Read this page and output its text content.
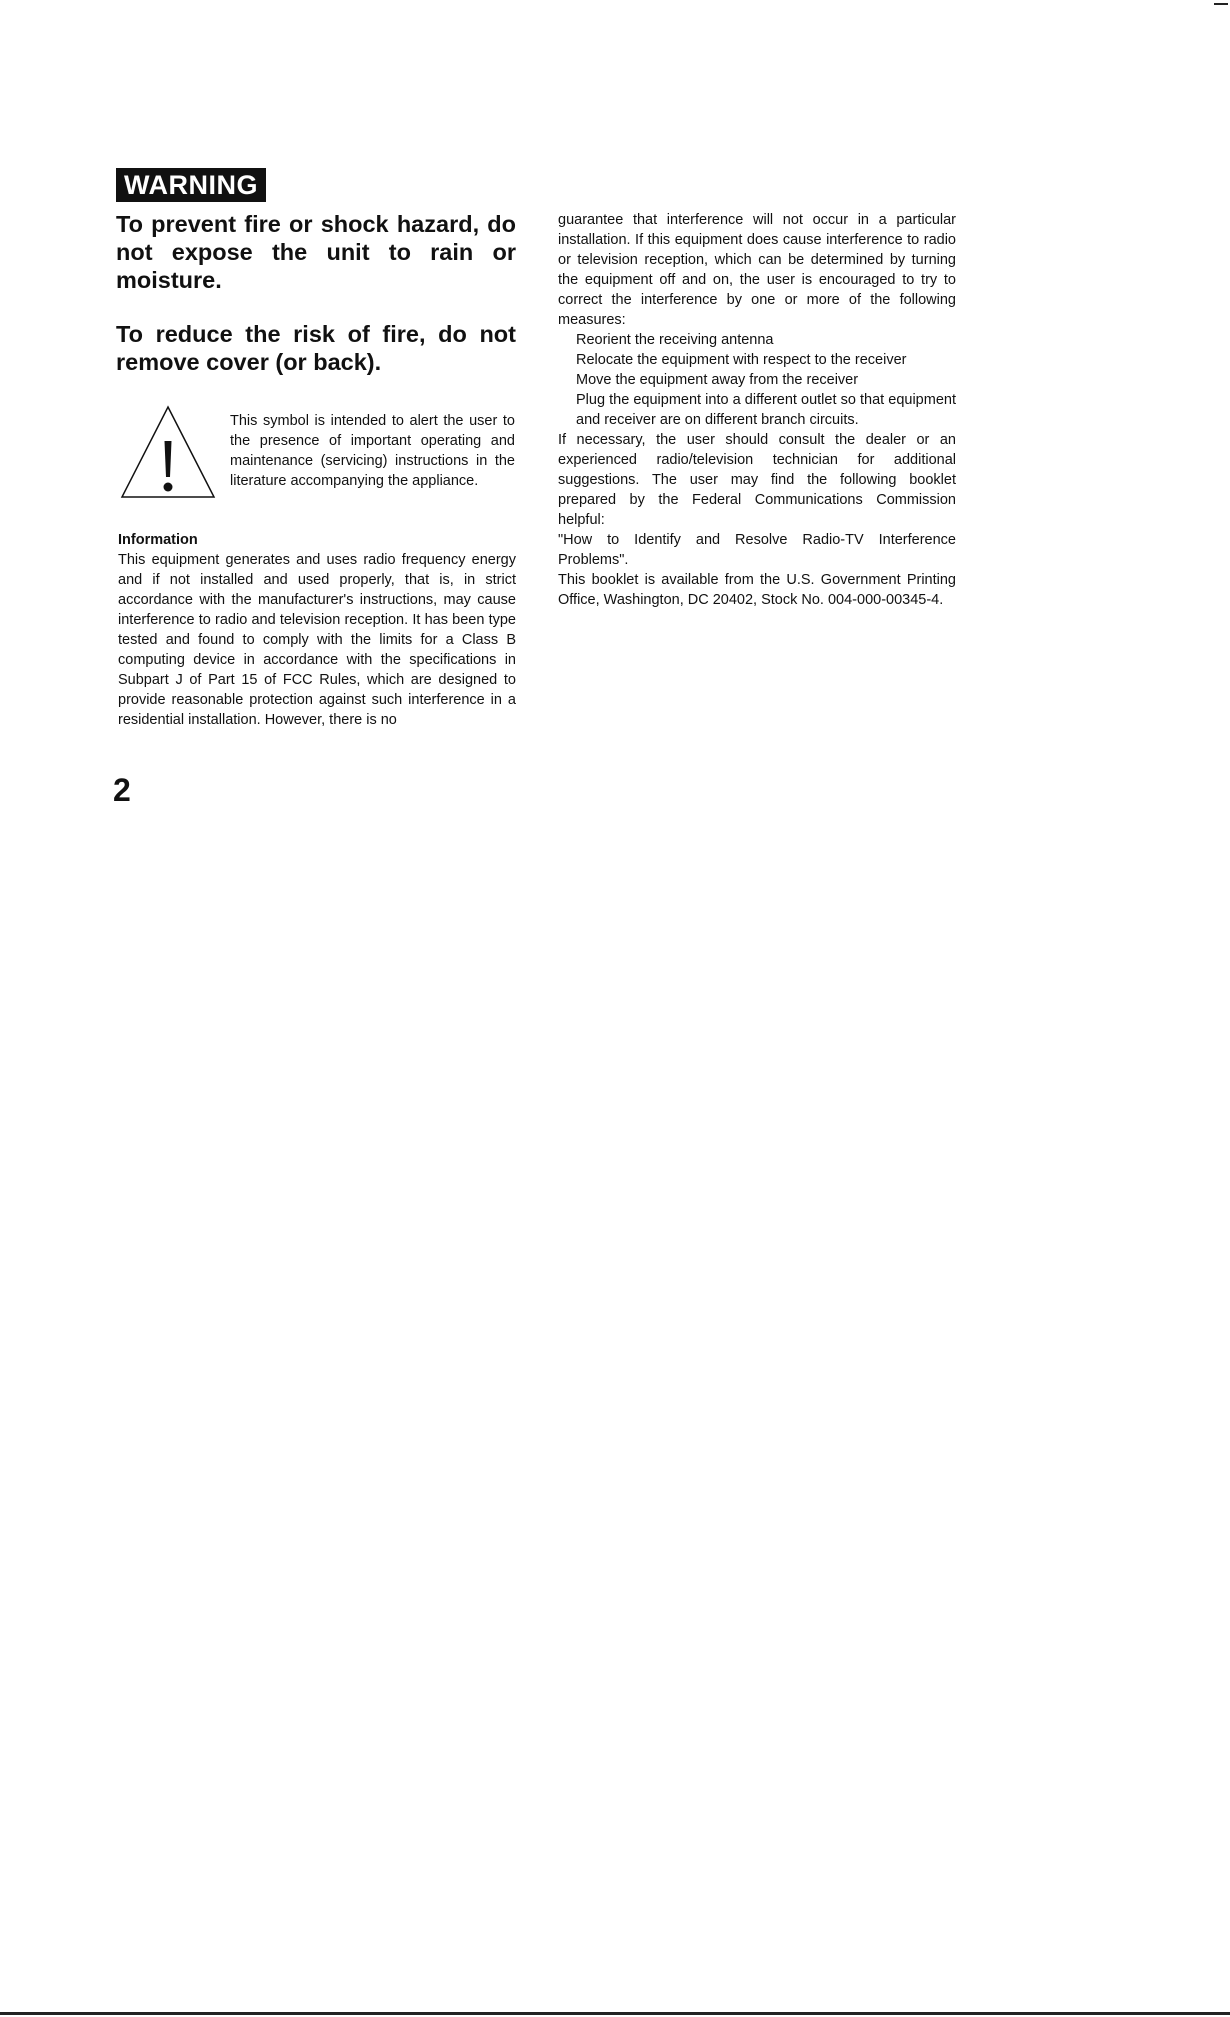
WARNING

To prevent fire or shock hazard, do not expose the unit to rain or moisture.

To reduce the risk of fire, do not remove cover (or back).

This symbol is intended to alert the user to the presence of important operating and maintenance (servicing) instructions in the literature accompanying the appliance.

Information

This equipment generates and uses radio frequency energy and if not installed and used properly, that is, in strict accordance with the manufacturer's instructions, may cause interference to radio and television reception. It has been type tested and found to comply with the limits for a Class B computing device in accordance with the specifications in Subpart J of Part 15 of FCC Rules, which are designed to provide reasonable protection against such interference in a residential installation. However, there is no

guarantee that interference will not occur in a particular installation. If this equipment does cause interference to radio or television reception, which can be determined by turning the equipment off and on, the user is encouraged to try to correct the interference by one or more of the following measures:

Reorient the receiving antenna
Relocate the equipment with respect to the receiver
Move the equipment away from the receiver
Plug the equipment into a different outlet so that equipment and receiver are on different branch circuits.

If necessary, the user should consult the dealer or an experienced radio/television technician for additional suggestions. The user may find the following booklet prepared by the Federal Communications Commission helpful:

"How to Identify and Resolve Radio-TV Interference Problems".

This booklet is available from the U.S. Government Printing Office, Washington, DC 20402, Stock No. 004-000-00345-4.

2
